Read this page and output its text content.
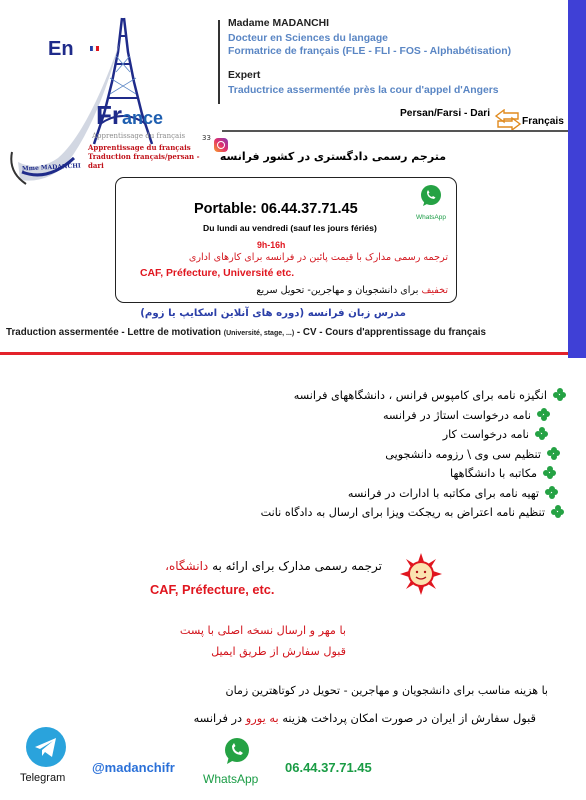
En
France
Apprentissage du français 33
Apprentissage du français
Traduction français/persan - dari
Mme MADANCHI
Madame MADANCHI
Docteur en Sciences du langage
Formatrice de français (FLE - FLI - FOS - Alphabétisation)
Expert
Traductrice assermentée près la cour d'appel d'Angers
Persan/Farsi - Dari
Français
مترجم رسمی دادگستری در کشور فرانسه
Portable: 06.44.37.71.45
Du lundi au vendredi (sauf les jours fériés)
9h-16h
ترجمه رسمی مدارک با قیمت پائین در فرانسه برای کارهای اداری
CAF, Préfecture, Université etc.
تخفیف برای دانشجویان و مهاجرین- تحویل سریع
WhatsApp
مدرس زبان فرانسه (دوره های آنلاین اسکایپ یا زوم)
Traduction assermentée - Lettre de motivation (Université, stage, ...) - CV - Cours d'apprentissage du français
انگیزه نامه برای کامپوس فرانس ، دانشگاههای فرانسه
نامه درخواست استاژ در فرانسه
نامه درخواست کار
تنظیم سی وی \ رزومه دانشجویی
مکاتبه با دانشگاهها
تهیه نامه برای مکاتبه با ادارات در فرانسه
تنظیم نامه اعتراض به ریجکت ویزا برای ارسال به دادگاه نانت
ترجمه رسمی مدارک برای ارائه به دانشگاه،
CAF, Préfecture, etc.
با مهر و ارسال نسخه اصلی با پست
قبول سفارش از طریق ایمیل
با هزینه مناسب برای دانشجویان و مهاجرین - تحویل در کوتاهترین زمان
قبول سفارش از ایران در صورت امکان پرداخت هزینه به یورو در فرانسه
Telegram
@madanchifr
WhatsApp
06.44.37.71.45
